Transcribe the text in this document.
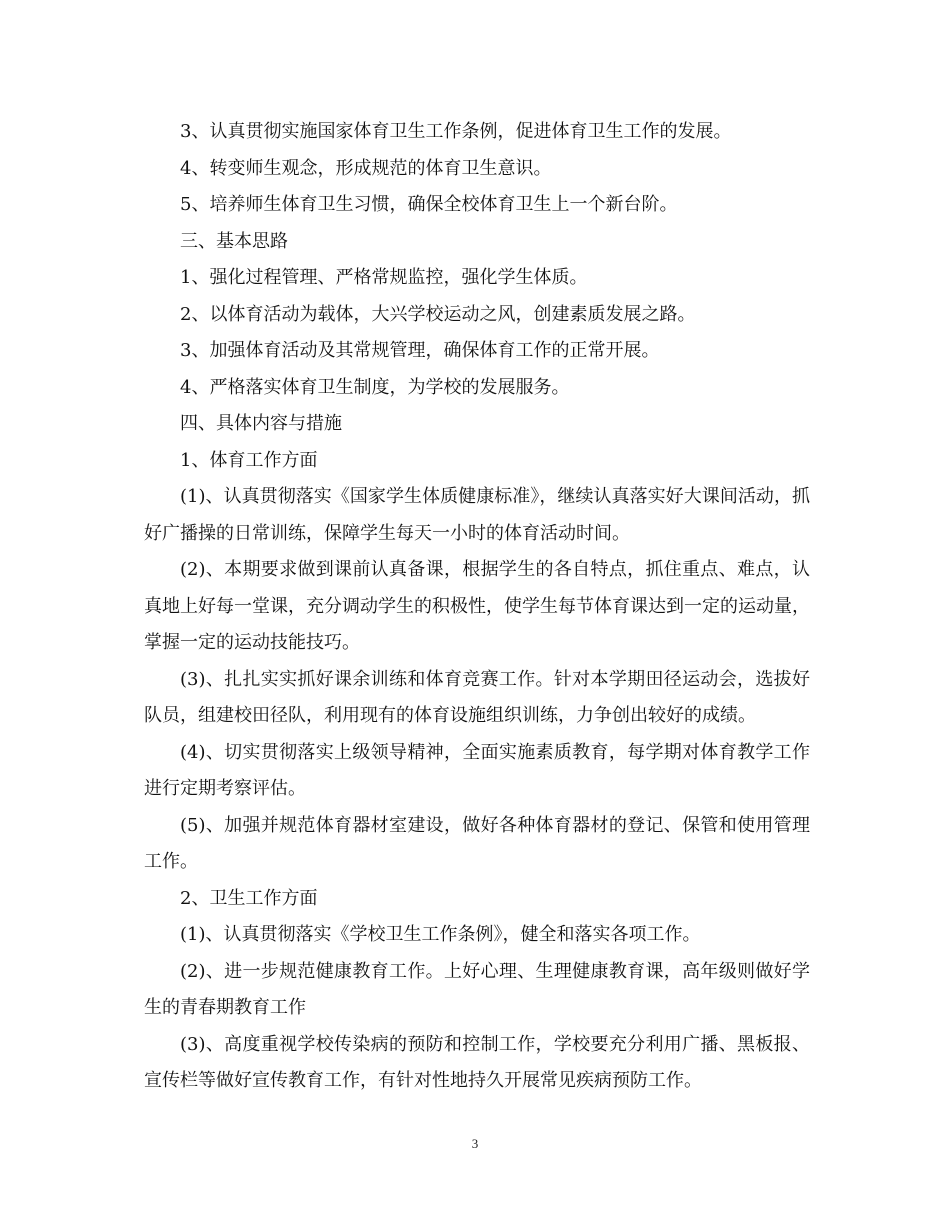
3、认真贯彻实施国家体育卫生工作条例，促进体育卫生工作的发展。

4、转变师生观念，形成规范的体育卫生意识。

5、培养师生体育卫生习惯，确保全校体育卫生上一个新台阶。

三、基本思路

1、强化过程管理、严格常规监控，强化学生体质。

2、以体育活动为载体，大兴学校运动之风，创建素质发展之路。

3、加强体育活动及其常规管理，确保体育工作的正常开展。

4、严格落实体育卫生制度，为学校的发展服务。

四、具体内容与措施

1、体育工作方面

(1)、认真贯彻落实《国家学生体质健康标准》，继续认真落实好大课间活动，抓好广播操的日常训练，保障学生每天一小时的体育活动时间。

(2)、本期要求做到课前认真备课，根据学生的各自特点，抓住重点、难点，认真地上好每一堂课，充分调动学生的积极性，使学生每节体育课达到一定的运动量，掌握一定的运动技能技巧。

(3)、扎扎实实抓好课余训练和体育竞赛工作。针对本学期田径运动会，选拔好队员，组建校田径队，利用现有的体育设施组织训练，力争创出较好的成绩。

(4)、切实贯彻落实上级领导精神，全面实施素质教育，每学期对体育教学工作进行定期考察评估。

(5)、加强并规范体育器材室建设，做好各种体育器材的登记、保管和使用管理工作。

2、卫生工作方面

(1)、认真贯彻落实《学校卫生工作条例》，健全和落实各项工作。

(2)、进一步规范健康教育工作。上好心理、生理健康教育课，高年级则做好学生的青春期教育工作

(3)、高度重视学校传染病的预防和控制工作，学校要充分利用广播、黑板报、宣传栏等做好宣传教育工作，有针对性地持久开展常见疾病预防工作。

3
